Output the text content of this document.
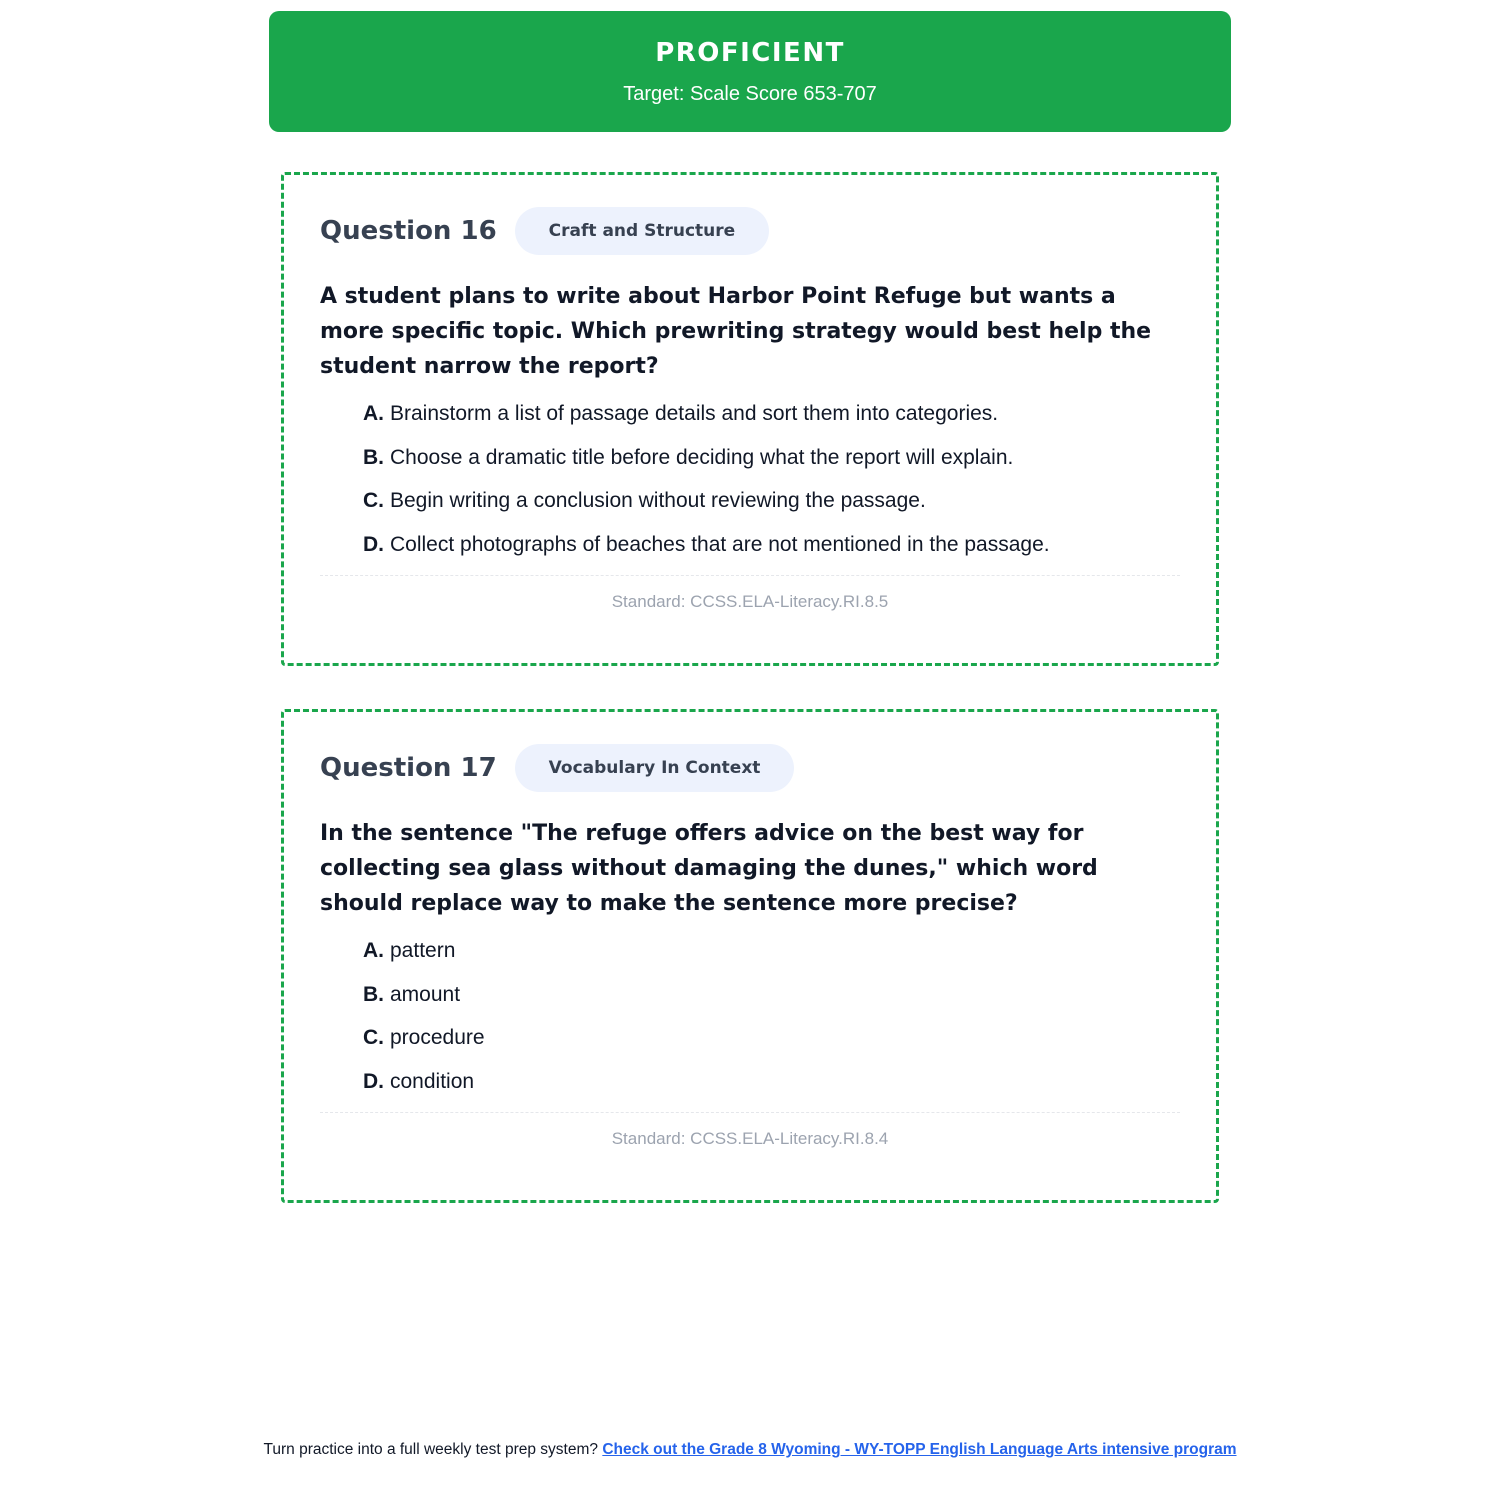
PROFICIENT
Target: Scale Score 653-707
Question 16	Craft and Structure
A student plans to write about Harbor Point Refuge but wants a more specific topic. Which prewriting strategy would best help the student narrow the report?
A. Brainstorm a list of passage details and sort them into categories.
B. Choose a dramatic title before deciding what the report will explain.
C. Begin writing a conclusion without reviewing the passage.
D. Collect photographs of beaches that are not mentioned in the passage.
Standard: CCSS.ELA-Literacy.RI.8.5
Question 17	Vocabulary In Context
In the sentence "The refuge offers advice on the best way for collecting sea glass without damaging the dunes," which word should replace way to make the sentence more precise?
A. pattern
B. amount
C. procedure
D. condition
Standard: CCSS.ELA-Literacy.RI.8.4
Turn practice into a full weekly test prep system? Check out the Grade 8 Wyoming - WY-TOPP English Language Arts intensive program
